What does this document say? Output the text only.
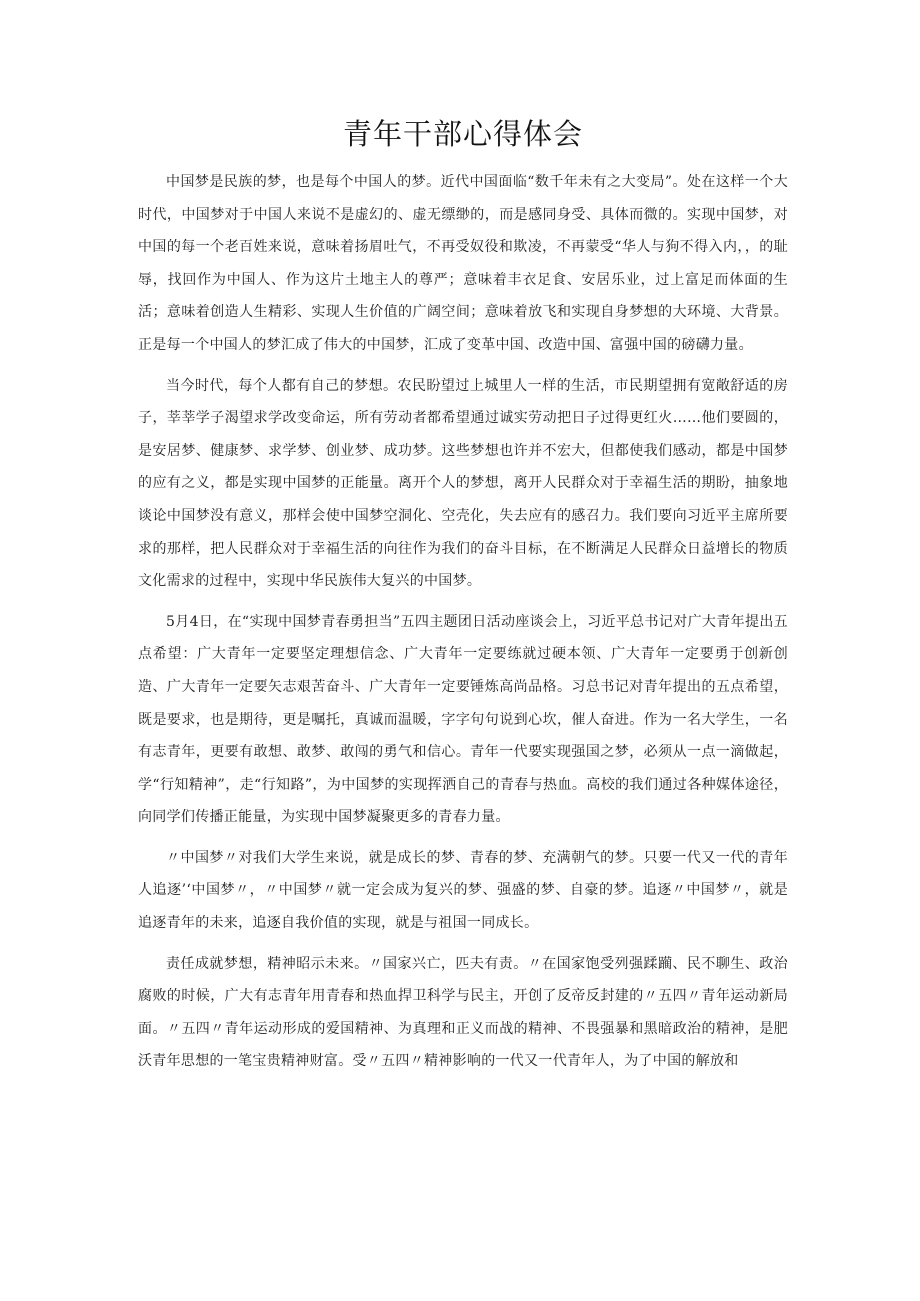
青年干部心得体会

中国梦是民族的梦，也是每个中国人的梦。近代中国面临“数千年未有之大变局”。处在这样一个大时代，中国梦对于中国人来说不是虚幻的、虚无缥缈的，而是感同身受、具体而微的。实现中国梦，对中国的每一个老百姓来说，意味着扬眉吐气，不再受奴役和欺凌，不再蒙受“华人与狗不得入内，，的耻辱，找回作为中国人、作为这片土地主人的尊严；意味着丰衣足食、安居乐业，过上富足而体面的生活；意味着创造人生精彩、实现人生价值的广阔空间；意味着放飞和实现自身梦想的大环境、大背景。正是每一个中国人的梦汇成了伟大的中国梦，汇成了变革中国、改造中国、富强中国的磅礴力量。

当今时代，每个人都有自己的梦想。农民盼望过上城里人一样的生活，市民期望拥有宽敞舒适的房子，莘莘学子渴望求学改变命运，所有劳动者都希望通过诚实劳动把日子过得更红火……他们要圆的，是安居梦、健康梦、求学梦、创业梦、成功梦。这些梦想也许并不宏大，但都使我们感动，都是中国梦的应有之义，都是实现中国梦的正能量。离开个人的梦想，离开人民群众对于幸福生活的期盼，抽象地谈论中国梦没有意义，那样会使中国梦空洞化、空壳化，失去应有的感召力。我们要向习近平主席所要求的那样，把人民群众对于幸福生活的向往作为我们的奋斗目标，在不断满足人民群众日益增长的物质文化需求的过程中，实现中华民族伟大复兴的中国梦。

5月4日，在“实现中国梦青春勇担当”五四主题团日活动座谈会上，习近平总书记对广大青年提出五点希望：广大青年一定要坚定理想信念、广大青年一定要练就过硬本领、广大青年一定要勇于创新创造、广大青年一定要矢志艰苦奋斗、广大青年一定要锤炼高尚品格。习总书记对青年提出的五点希望，既是要求，也是期待，更是嘱托，真诚而温暖，字字句句说到心坎，催人奋进。作为一名大学生，一名有志青年，更要有敢想、敢梦、敢闯的勇气和信心。青年一代要实现强国之梦，必须从一点一滴做起，学“行知精神”，走“行知路”，为中国梦的实现挥洒自己的青春与热血。高校的我们通过各种媒体途径，向同学们传播正能量，为实现中国梦凝聚更多的青春力量。

〃中国梦〃对我们大学生来说，就是成长的梦、青春的梦、充满朝气的梦。只要一代又一代的青年人追逐’‘中国梦〃，〃中国梦〃就一定会成为复兴的梦、强盛的梦、自豪的梦。追逐〃中国梦〃，就是追逐青年的未来，追逐自我价值的实现，就是与祖国一同成长。

责任成就梦想，精神昭示未来。〃国家兴亡，匹夫有责。〃在国家饱受列强蹂躏、民不聊生、政治腐败的时候，广大有志青年用青春和热血捍卫科学与民主，开创了反帝反封建的〃五四〃青年运动新局面。〃五四〃青年运动形成的爱国精神、为真理和正义而战的精神、不畏强暴和黑暗政治的精神，是肥沃青年思想的一笔宝贵精神财富。受〃五四〃精神影响的一代又一代青年人，为了中国的解放和
